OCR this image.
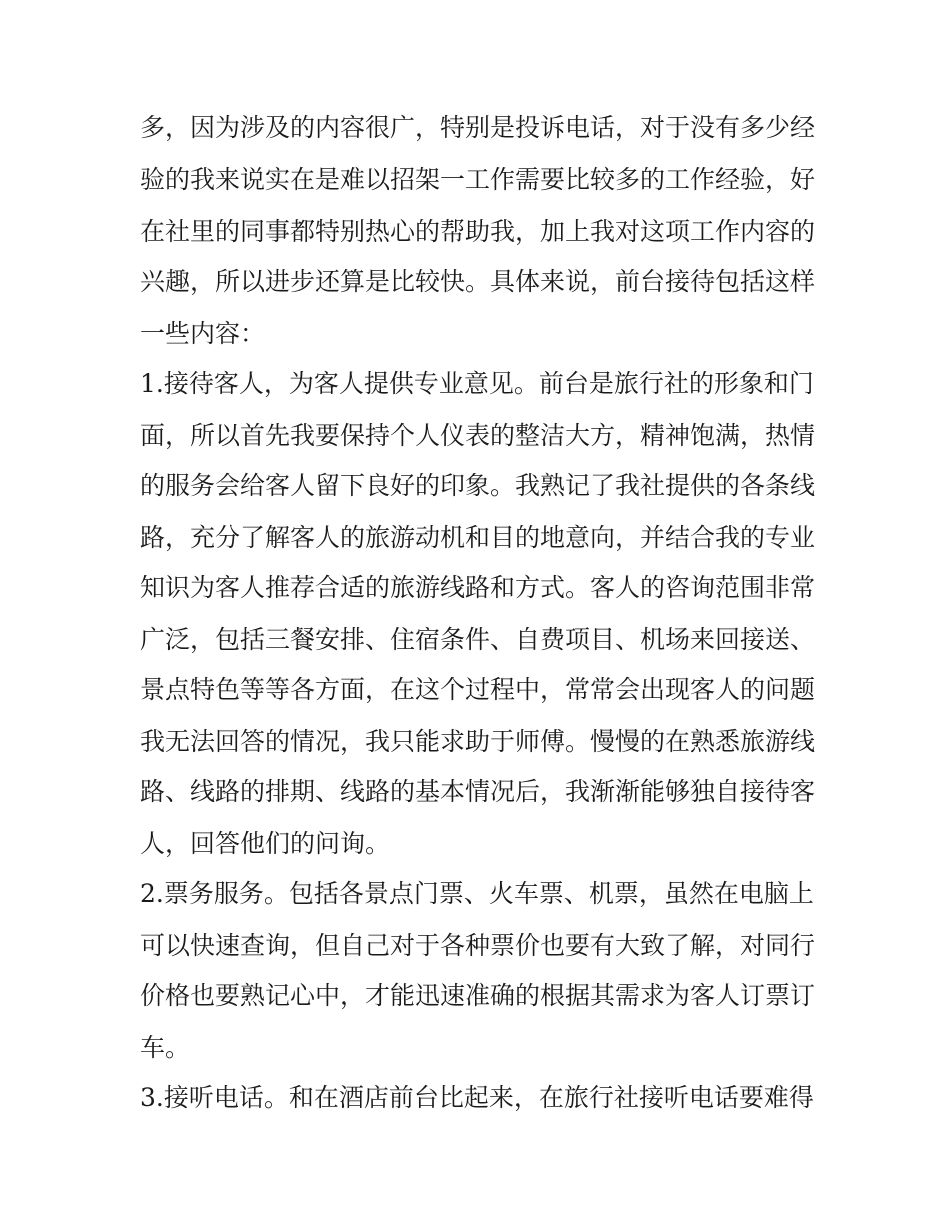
多，因为涉及的内容很广，特别是投诉电话，对于没有多少经
验的我来说实在是难以招架一工作需要比较多的工作经验，好
在社里的同事都特别热心的帮助我，加上我对这项工作内容的
兴趣，所以进步还算是比较快。具体来说，前台接待包括这样
一些内容：
1.接待客人，为客人提供专业意见。前台是旅行社的形象和门
面，所以首先我要保持个人仪表的整洁大方，精神饱满，热情
的服务会给客人留下良好的印象。我熟记了我社提供的各条线
路，充分了解客人的旅游动机和目的地意向，并结合我的专业
知识为客人推荐合适的旅游线路和方式。客人的咨询范围非常
广泛，包括三餐安排、住宿条件、自费项目、机场来回接送、
景点特色等等各方面，在这个过程中，常常会出现客人的问题
我无法回答的情况，我只能求助于师傅。慢慢的在熟悉旅游线
路、线路的排期、线路的基本情况后，我渐渐能够独自接待客
人，回答他们的问询。
2.票务服务。包括各景点门票、火车票、机票，虽然在电脑上
可以快速查询，但自己对于各种票价也要有大致了解，对同行
价格也要熟记心中，才能迅速准确的根据其需求为客人订票订
车。
3.接听电话。和在酒店前台比起来，在旅行社接听电话要难得
